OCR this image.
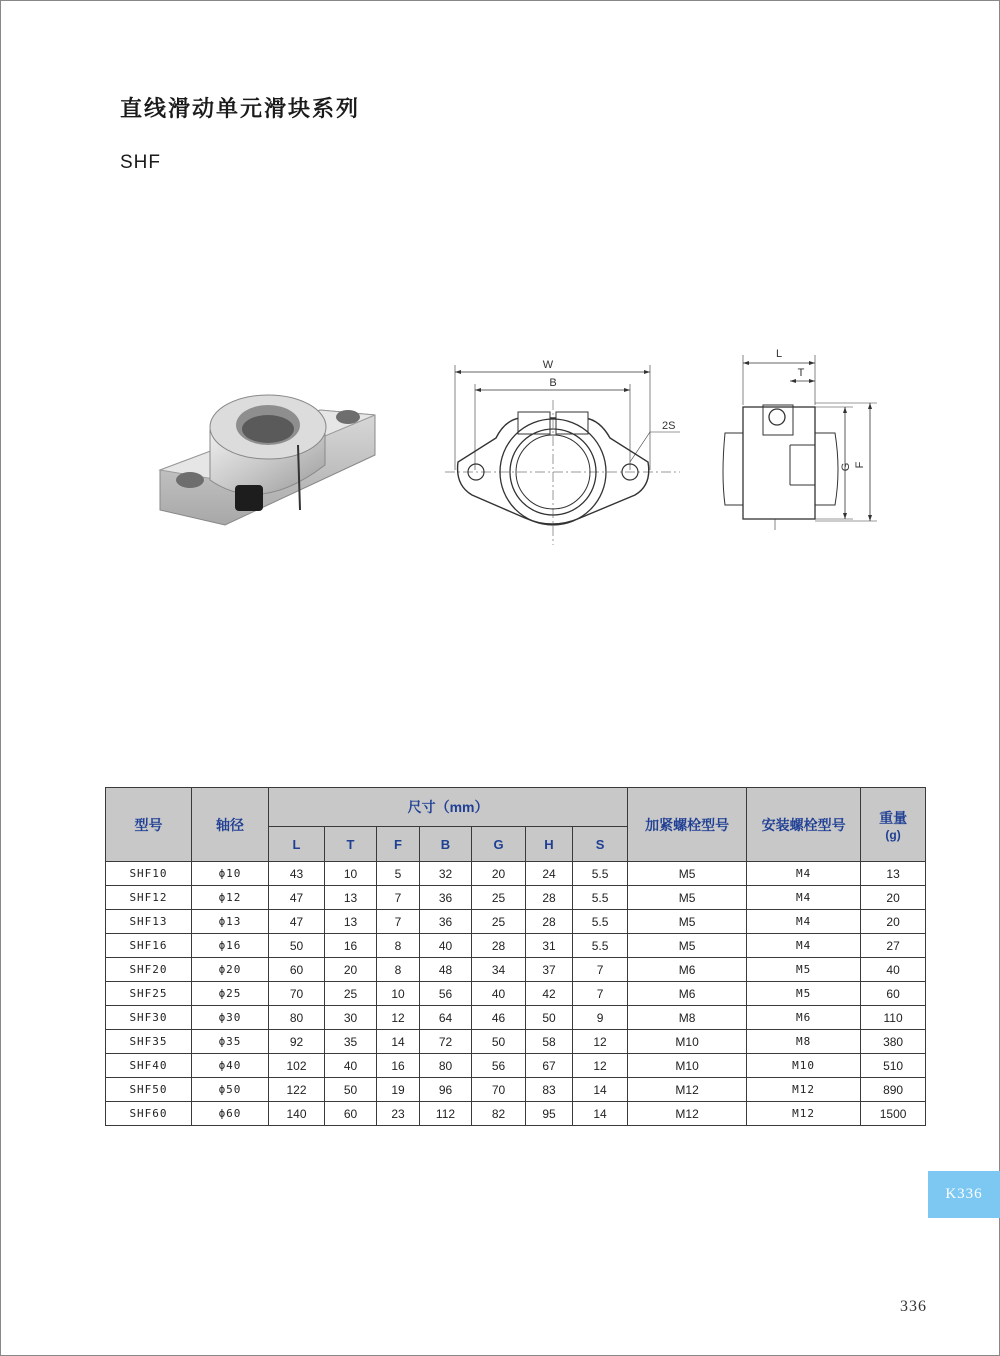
直线滑动单元滑块系列
SHF
W
B
2S
L
T
G F
型号	轴径	尺寸（mm）							加紧螺栓型号	安装螺栓型号	重量
(g)

		L	T	F	B	G	H	S			
SHF10	ϕ10	43	10	5	32	20	24	5.5	M5	M4	13
SHF12	ϕ12	47	13	7	36	25	28	5.5	M5	M4	20
SHF13	ϕ13	47	13	7	36	25	28	5.5	M5	M4	20
SHF16	ϕ16	50	16	8	40	28	31	5.5	M5	M4	27
SHF20	ϕ20	60	20	8	48	34	37	7	M6	M5	40
SHF25	ϕ25	70	25	10	56	40	42	7	M6	M5	60
SHF30	ϕ30	80	30	12	64	46	50	9	M8	M6	110
SHF35	ϕ35	92	35	14	72	50	58	12	M10	M8	380
SHF40	ϕ40	102	40	16	80	56	67	12	M10	M10	510
SHF50	ϕ50	122	50	19	96	70	83	14	M12	M12	890
SHF60	ϕ60	140	60	23	112	82	95	14	M12	M12	1500
K336
336
